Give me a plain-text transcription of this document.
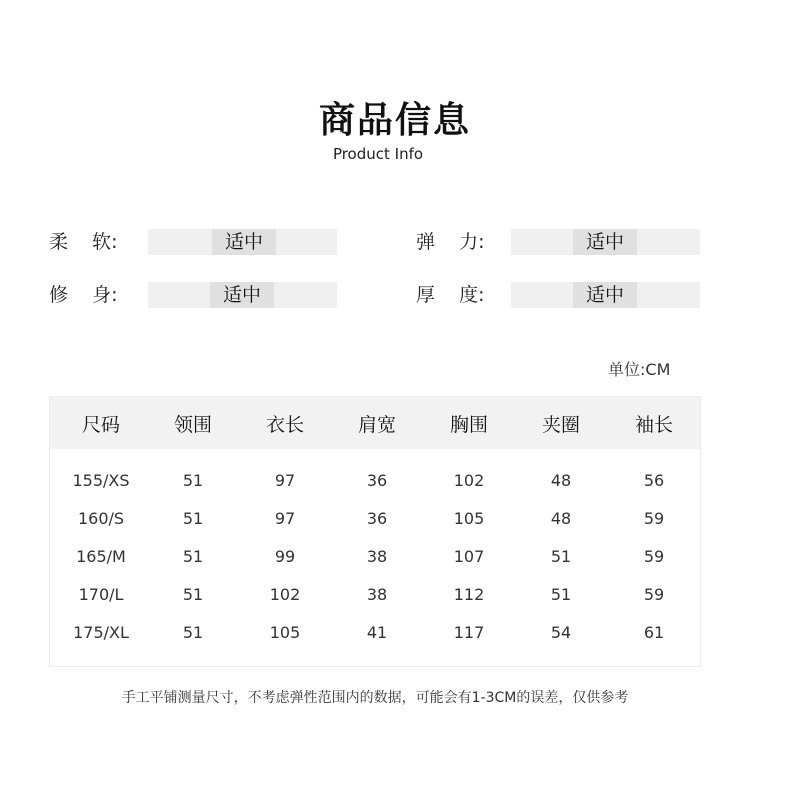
商品信息
Product Info
柔    软:	适中	弹    力:	适中
修    身:	适中	厚    度:	适中
单位:CM
尺码	领围	衣长	肩宽	胸围	夹圈	袖长
155/XS	51	97	36	102	48	56
160/S	51	97	36	105	48	59
165/M	51	99	38	107	51	59
170/L	51	102	38	112	51	59
175/XL	51	105	41	117	54	61
手工平铺测量尺寸，不考虑弹性范围内的数据，可能会有1-3CM的误差，仅供参考
